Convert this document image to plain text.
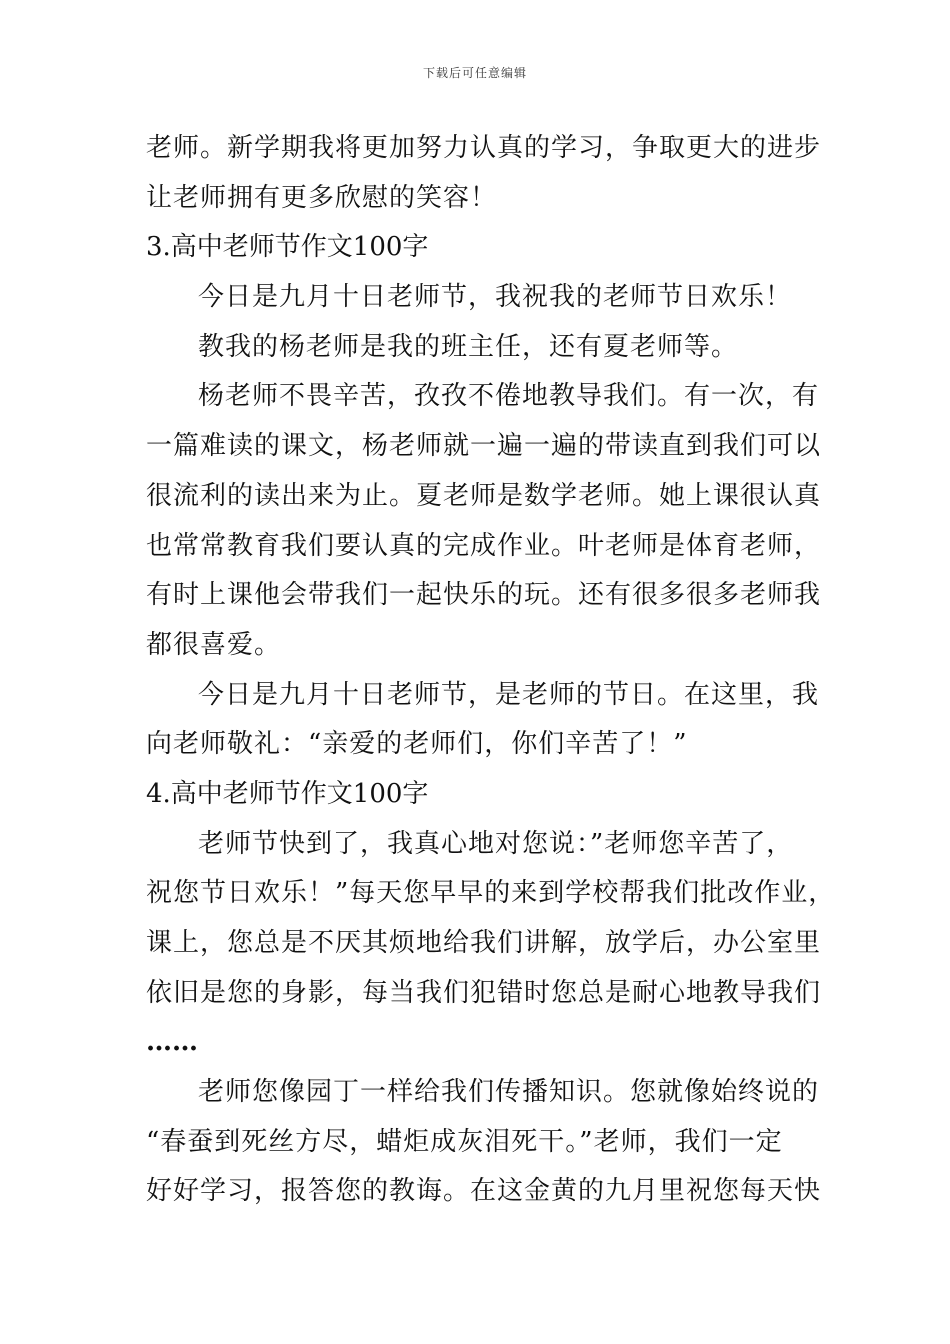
下载后可任意编辑
老师。新学期我将更加努力认真的学习，争取更大的进步
让老师拥有更多欣慰的笑容！
3.高中老师节作文100字
今日是九月十日老师节，我祝我的老师节日欢乐！
教我的杨老师是我的班主任，还有夏老师等。
杨老师不畏辛苦，孜孜不倦地教导我们。有一次，有
一篇难读的课文，杨老师就一遍一遍的带读直到我们可以
很流利的读出来为止。夏老师是数学老师。她上课很认真
也常常教育我们要认真的完成作业。叶老师是体育老师，
有时上课他会带我们一起快乐的玩。还有很多很多老师我
都很喜爱。
今日是九月十日老师节，是老师的节日。在这里，我
向老师敬礼：“亲爱的老师们，你们辛苦了！”
4.高中老师节作文100字
老师节快到了，我真心地对您说：”老师您辛苦了，
祝您节日欢乐！”每天您早早的来到学校帮我们批改作业，
课上，您总是不厌其烦地给我们讲解，放学后，办公室里
依旧是您的身影，每当我们犯错时您总是耐心地教导我们
……
老师您像园丁一样给我们传播知识。您就像始终说的
“春蚕到死丝方尽，蜡炬成灰泪死干。”老师，我们一定
好好学习，报答您的教诲。在这金黄的九月里祝您每天快
